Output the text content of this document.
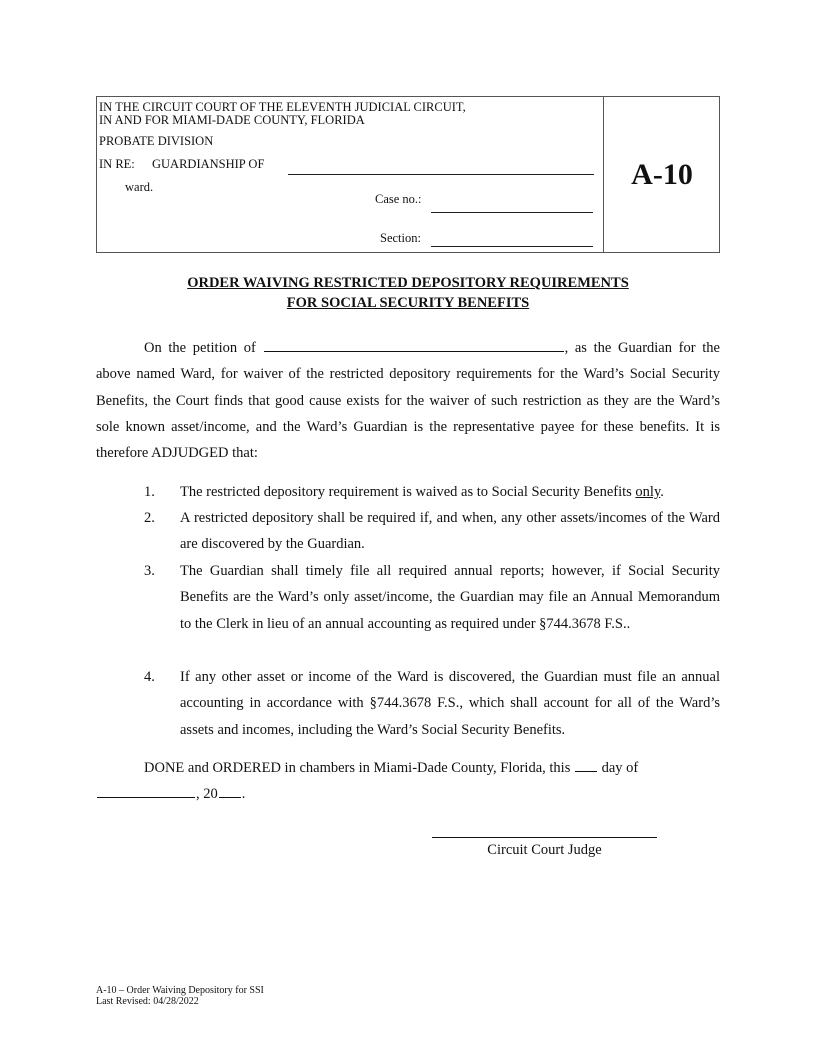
IN THE CIRCUIT COURT OF THE ELEVENTH JUDICIAL CIRCUIT,
IN AND FOR MIAMI-DADE COUNTY, FLORIDA
PROBATE DIVISION
IN RE: GUARDIANSHIP OF
ward.
Case no.:
Section:
A-10
ORDER WAIVING RESTRICTED DEPOSITORY REQUIREMENTS
FOR SOCIAL SECURITY BENEFITS
On the petition of	, as the Guardian for the above named Ward, for waiver of the restricted depository requirements for the Ward’s Social Security Benefits, the Court finds that good cause exists for the waiver of such restriction as they are the Ward’s sole known asset/income, and the Ward’s Guardian is the representative payee for these benefits. It is therefore ADJUDGED that:
1.	The restricted depository requirement is waived as to Social Security Benefits only.
2.	A restricted depository shall be required if, and when, any other assets/incomes of the Ward are discovered by the Guardian.
3.	The Guardian shall timely file all required annual reports; however, if Social Security Benefits are the Ward’s only asset/income, the Guardian may file an Annual Memorandum to the Clerk in lieu of an annual accounting as required under §744.3678 F.S..
4.	If any other asset or income of the Ward is discovered, the Guardian must file an annual accounting in accordance with §744.3678 F.S., which shall account for all of the Ward’s assets and incomes, including the Ward’s Social Security Benefits.
DONE and ORDERED in chambers in Miami-Dade County, Florida, this day of
, 20 .
Circuit Court Judge
A-10 – Order Waiving Depository for SSI
Last Revised: 04/28/2022
